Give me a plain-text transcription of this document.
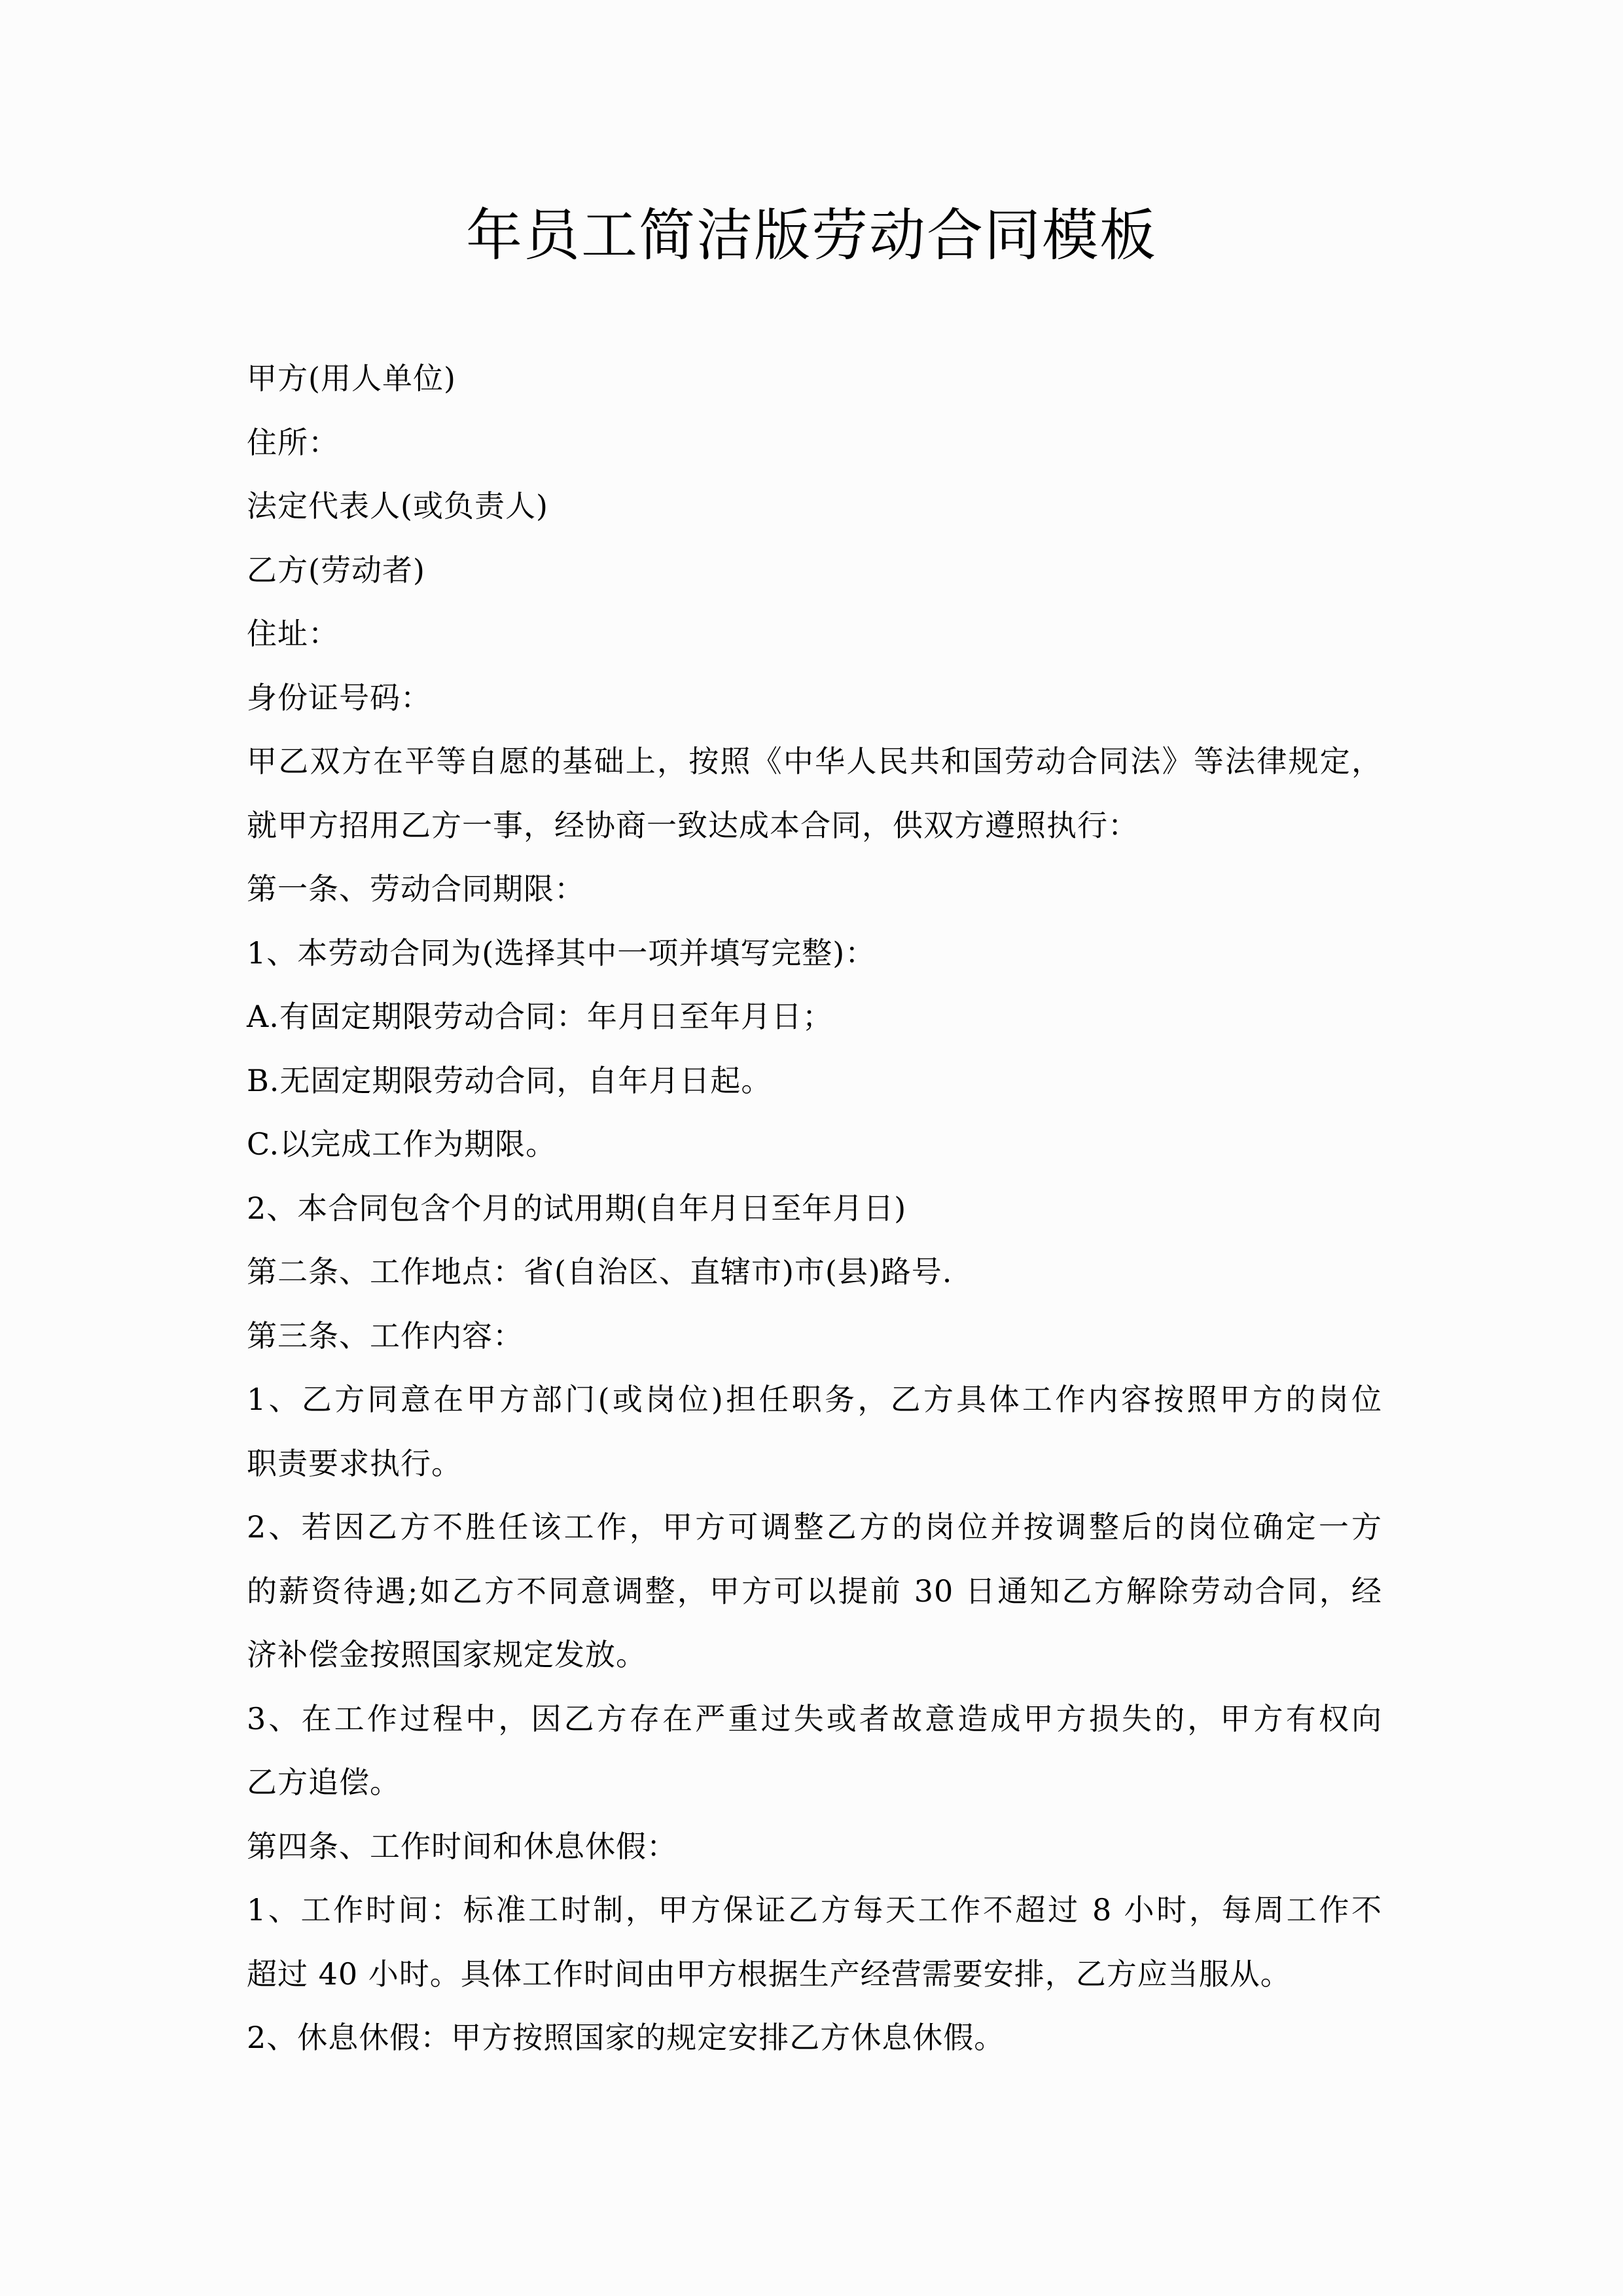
年员工简洁版劳动合同模板
甲方(用人单位)
住所：
法定代表人(或负责人)
乙方(劳动者)
住址：
身份证号码：
甲乙双方在平等自愿的基础上，按照《中华人民共和国劳动合同法》等法律规定，
就甲方招用乙方一事，经协商一致达成本合同，供双方遵照执行：
第一条、劳动合同期限：
1、本劳动合同为(选择其中一项并填写完整)：
A.有固定期限劳动合同：年月日至年月日；
B.无固定期限劳动合同，自年月日起。
C.以完成工作为期限。
2、本合同包含个月的试用期(自年月日至年月日)
第二条、工作地点：省(自治区、直辖市)市(县)路号.
第三条、工作内容：
1、乙方同意在甲方部门(或岗位)担任职务，乙方具体工作内容按照甲方的岗位
职责要求执行。
2、若因乙方不胜任该工作，甲方可调整乙方的岗位并按调整后的岗位确定一方
的薪资待遇;如乙方不同意调整，甲方可以提前 30 日通知乙方解除劳动合同，经
济补偿金按照国家规定发放。
3、在工作过程中，因乙方存在严重过失或者故意造成甲方损失的，甲方有权向
乙方追偿。
第四条、工作时间和休息休假：
1、工作时间：标准工时制，甲方保证乙方每天工作不超过 8 小时，每周工作不
超过 40 小时。具体工作时间由甲方根据生产经营需要安排，乙方应当服从。
2、休息休假：甲方按照国家的规定安排乙方休息休假。
